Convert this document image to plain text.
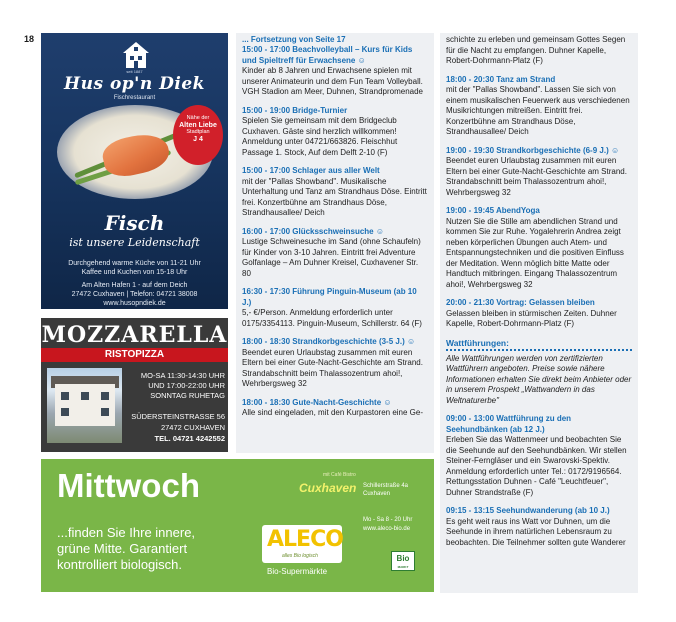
18
seit 1887
Hus op'n Diek
Fischrestaurant
Nähe der
Alten Liebe
Stadtplan
J 4
Fisch
ist unsere Leidenschaft
Durchgehend warme Küche von 11-21 Uhr
Kaffee und Kuchen von 15-18 Uhr
Am Alten Hafen 1 - auf dem Deich
27472 Cuxhaven | Telefon: 04721 38008
www.husopndiek.de
MOZZARELLA
RISTOPIZZA
MO-SA 11:30-14:30 UHR
UND 17:00-22:00 UHR
SONNTAG RUHETAG
SÜDERSTEINSTRASSE 56
27472 CUXHAVEN
TEL. 04721 4242552
Mittwoch
...finden Sie Ihre innere,
grüne Mitte. Garantiert
kontrolliert biologisch.
mit Café Bistro
Cuxhaven Schillerstraße 4a
Cuxhaven
Mo - Sa 8 - 20 Uhr
www.aleco-bio.de
ALECO
alles Bio logisch	Bio
MARKT
Bio-Supermärkte
... Fortsetzung von Seite 17
15:00 - 17:00 Beachvolleyball – Kurs für Kids und Spieltreff für Erwachsene ☺
Kinder ab 8 Jahren und Erwachsene spielen mit unserer Animateurin und dem Fun Team Volleyball. VGH Stadion am Meer, Duhnen, Strandpromenade
15:00 - 19:00 Bridge-Turnier
Spielen Sie gemeinsam mit dem Bridgeclub Cuxhaven. Gäste sind herzlich willkommen! Anmeldung unter 04721/663826. Fleischhut Passage 1. Stock, Auf dem Delft 2-10 (F)
15:00 - 17:00 Schlager aus aller Welt
mit der "Pallas Showband". Musikalische Unterhaltung und Tanz am Strandhaus Döse. Eintritt frei. Konzertbühne am Strandhaus Döse, Strandhausallee/ Deich
16:00 - 17:00 Glücksschweinsuche ☺
Lustige Schweinesuche im Sand (ohne Schaufeln) für Kinder von 3-10 Jahren. Eintritt frei Adventure Golfanlage – Am Duhner Kreisel, Cuxhavener Str. 80
16:30 - 17:30 Führung Pinguin-Museum (ab 10 J.)
5,- €/Person. Anmeldung erforderlich unter 0175/3354113. Pinguin-Museum, Schillerstr. 64 (F)
18:00 - 18:30 Strandkorbgeschichte (3-5 J.) ☺
Beendet euren Urlaubstag zusammen mit euren Eltern bei einer Gute-Nacht-Geschichte am Strand. Strandabschnitt beim Thalassozentrum ahoi!, Wehrbergsweg 32
18:00 - 18:30 Gute-Nacht-Geschichte ☺
Alle sind eingeladen, mit den Kurpastoren eine Ge-
schichte zu erleben und gemeinsam Gottes Segen für die Nacht zu empfangen. Duhner Kapelle, Robert-Dohrmann-Platz (F)
18:00 - 20:30 Tanz am Strand
mit der "Pallas Showband". Lassen Sie sich von einem musikalischen Feuerwerk aus verschiedenen Musikrichtungen mitreißen. Eintritt frei. Konzertbühne am Strandhaus Döse, Strandhausallee/ Deich
19:00 - 19:30 Strandkorbgeschichte (6-9 J.) ☺
Beendet euren Urlaubstag zusammen mit euren Eltern bei einer Gute-Nacht-Geschichte am Strand. Strandabschnitt beim Thalassozentrum ahoi!, Wehrbergsweg 32
19:00 - 19:45 AbendYoga
Nutzen Sie die Stille am abendlichen Strand und kommen Sie zur Ruhe. Yogalehrerin Andrea zeigt neben körperlichen Übungen auch Atem- und Entspannungstechniken und die positiven Einfluss der Meditation. Wenn möglich bitte Matte oder Handtuch mitbringen. Eingang Thalassozentrum ahoi!, Wehrbergsweg 32
20:00 - 21:30 Vortrag: Gelassen bleiben
Gelassen bleiben in stürmischen Zeiten. Duhner Kapelle, Robert-Dohrmann-Platz (F)
Wattführungen:
Alle Wattführungen werden von zertifizierten Wattführern angeboten. Preise sowie nähere Informationen erhalten Sie direkt beim Anbieter oder in unserem Prospekt „Wattwandern in das Weltnaturerbe"
09:00 - 13:00 Wattführung zu den Seehundbänken (ab 12 J.)
Erleben Sie das Wattenmeer und beobachten Sie die Seehunde auf den Seehundbänken. Wir stellen Steiner-Ferngläser und ein Swarovski-Spektiv. Anmeldung erforderlich unter Tel.: 0172/9196564. Rettungsstation Duhnen - Café "Leuchtfeuer", Duhner Strandstraße (F)
09:15 - 13:15 Seehundwanderung (ab 10 J.)
Es geht weit raus ins Watt vor Duhnen, um die Seehunde in ihrem natürlichen Lebensraum zu beobachten. Die Teilnehmer sollten gute Wanderer
